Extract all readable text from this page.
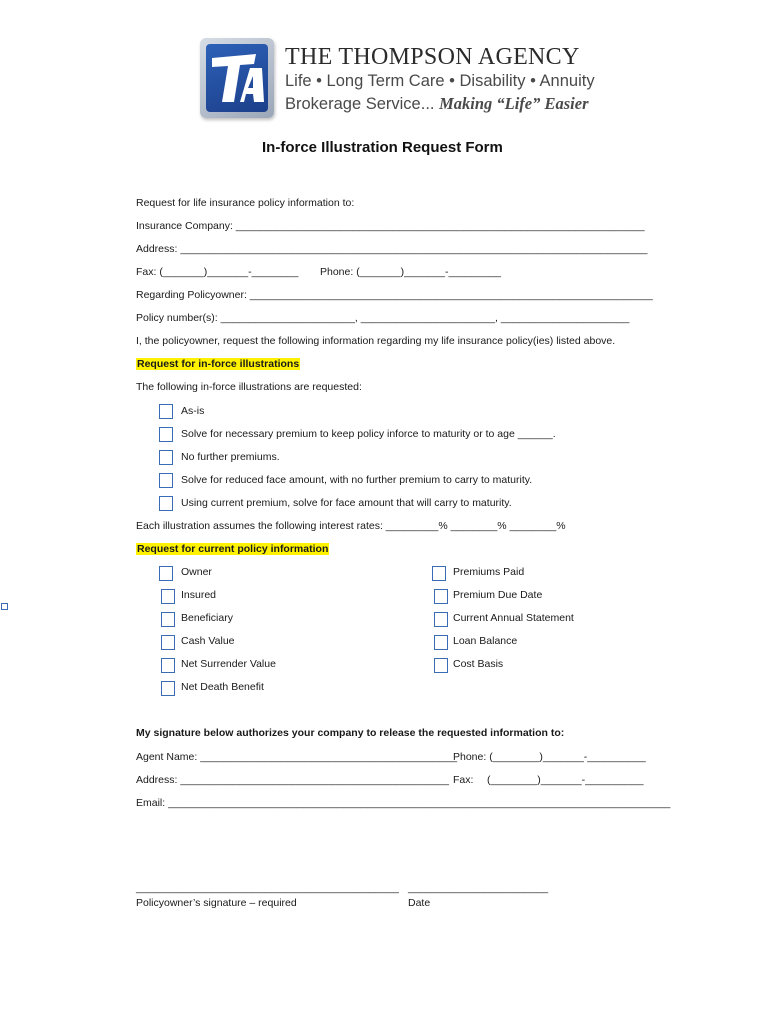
THE THOMPSON AGENCY
Life • Long Term Care • Disability • Annuity
Brokerage Service... Making “Life” Easier
In-force Illustration Request Form
Request for life insurance policy information to:
Insurance Company: ______________________________________________________________________
Address: ________________________________________________________________________________
Fax: (_______)_______-________ Phone: (_______)_______-_________
Regarding Policyowner: _____________________________________________________________________
Policy number(s): _______________________, _______________________, ______________________
I, the policyowner, request the following information regarding my life insurance policy(ies) listed above.
Request for in-force illustrations
The following in-force illustrations are requested:
As-is
Solve for necessary premium to keep policy inforce to maturity or to age ______.
No further premiums.
Solve for reduced face amount, with no further premium to carry to maturity.
Using current premium, solve for face amount that will carry to maturity.
Each illustration assumes the following interest rates: _________% ________% ________%
Request for current policy information
Owner
Insured
Beneficiary
Cash Value
Net Surrender Value
Net Death Benefit
Premiums Paid
Premium Due Date
Current Annual Statement
Loan Balance
Cost Basis
My signature below authorizes your company to release the requested information to:
Agent Name: ____________________________________________
Phone: (________)_______-__________
Address: ______________________________________________ Fax: (________)_______-__________
Email: ______________________________________________________________________________________
_____________________________________________
Policyowner’s signature – required
________________________
Date
